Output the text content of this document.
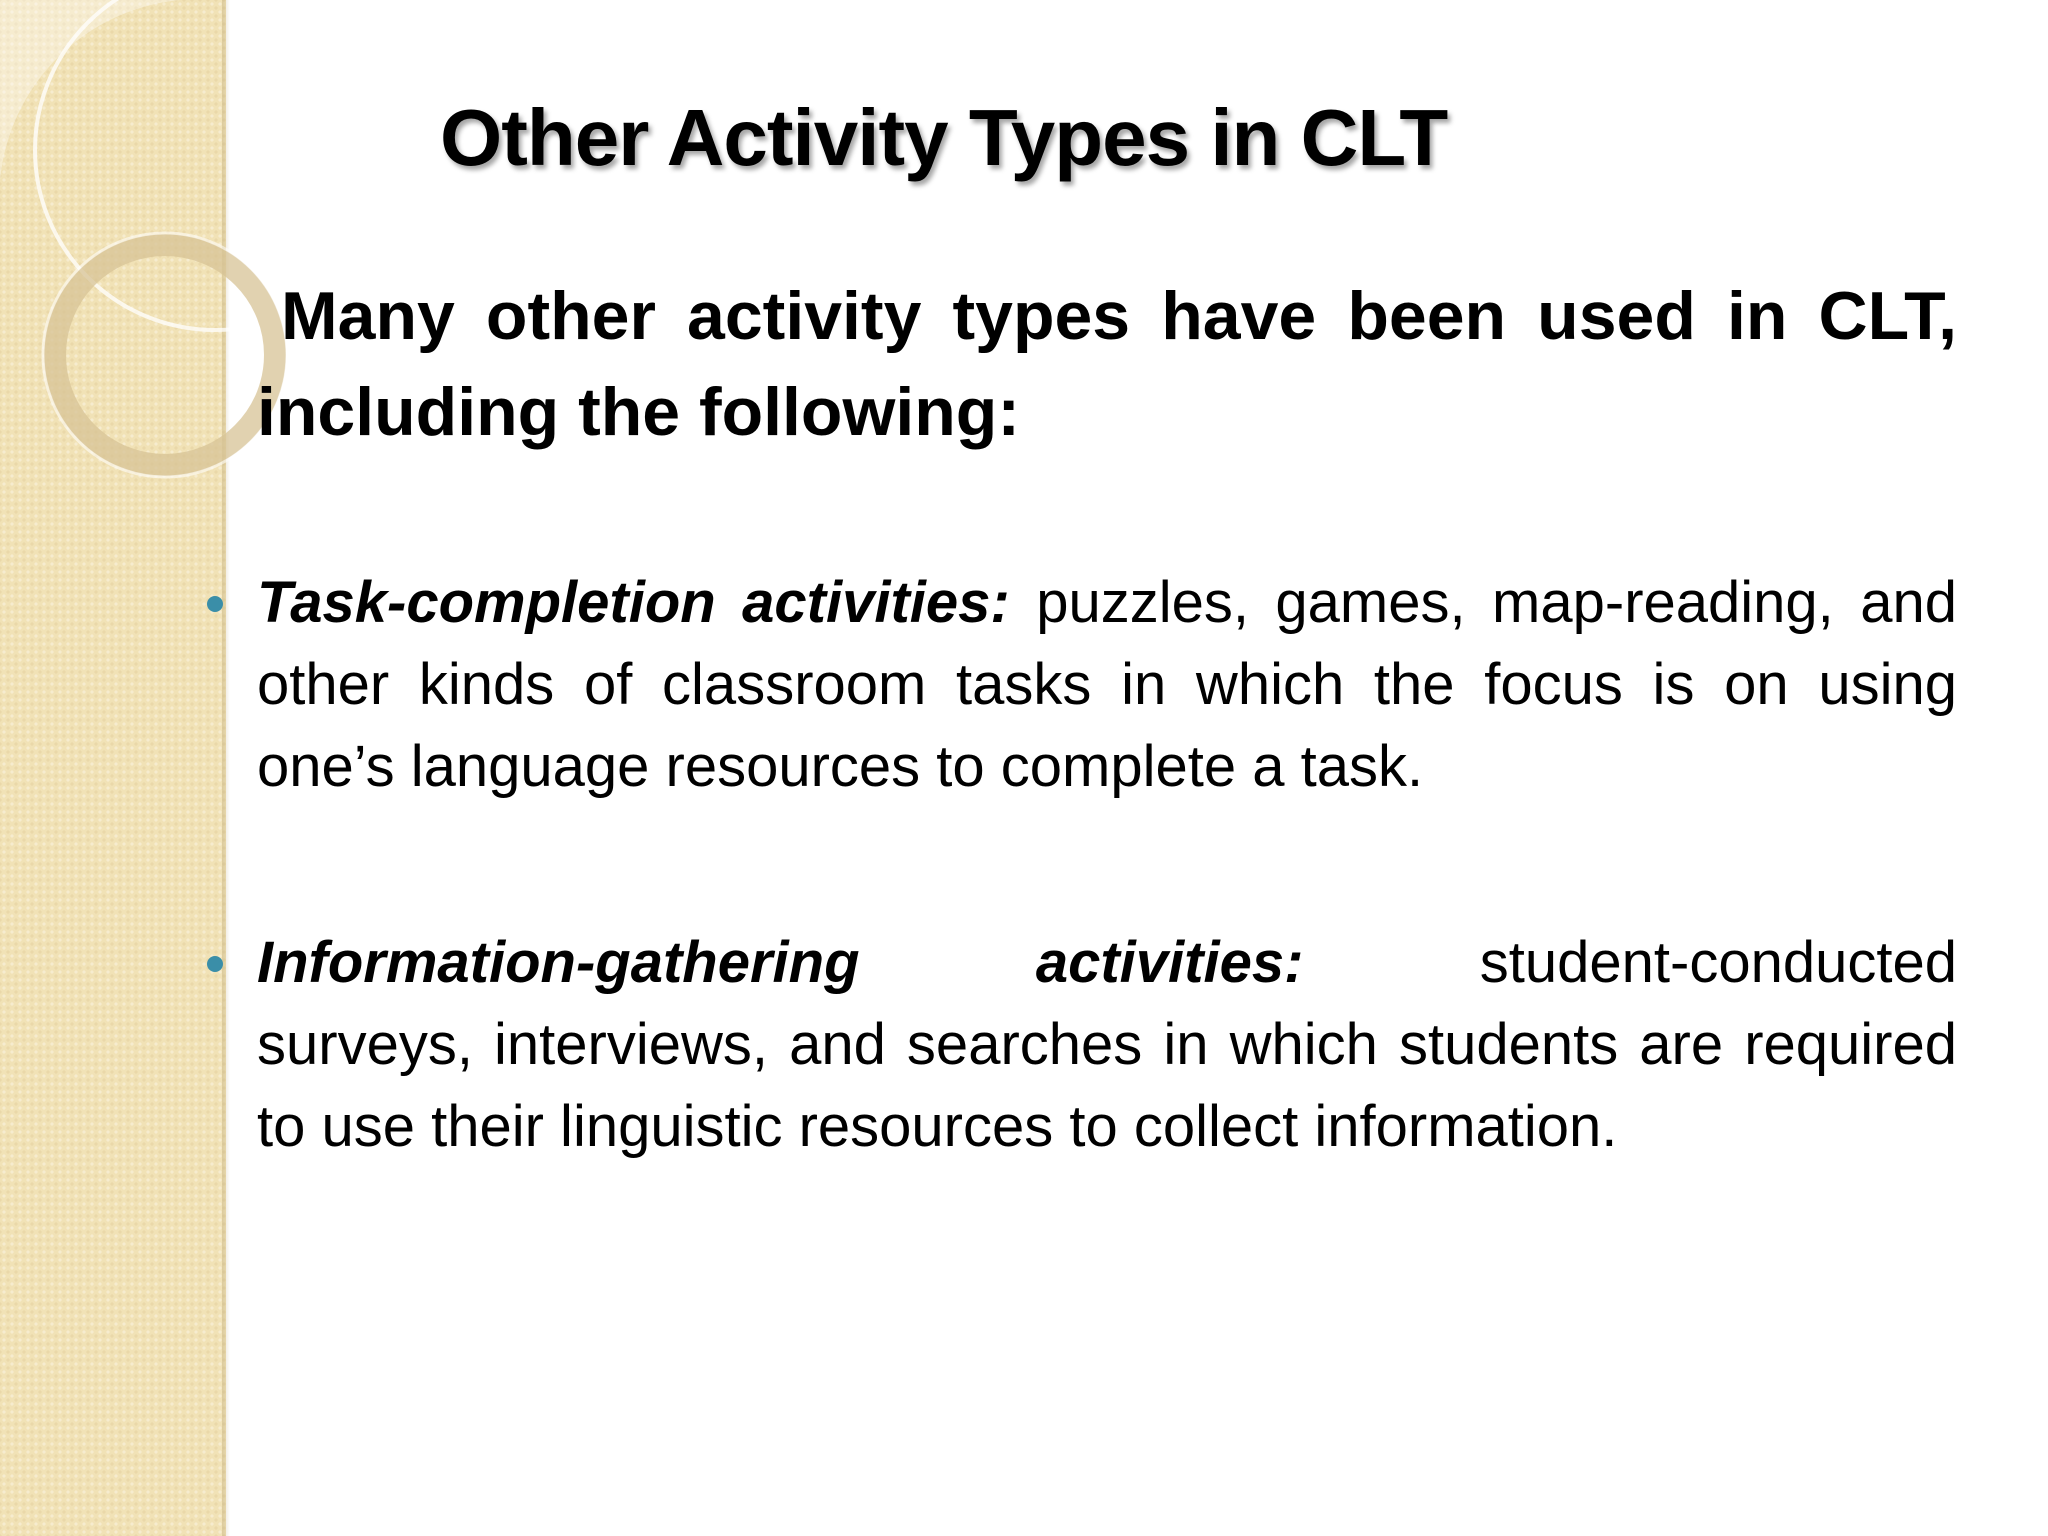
Other Activity Types in CLT
Many other activity types have been used in CLT, including the following:
Task-completion activities: puzzles, games, map-reading, and other kinds of classroom tasks in which the focus is on using one’s language resources to complete a task.
Information-gathering	activities:	student-conducted
surveys, interviews, and searches in which students are required to use their linguistic resources to collect information.
